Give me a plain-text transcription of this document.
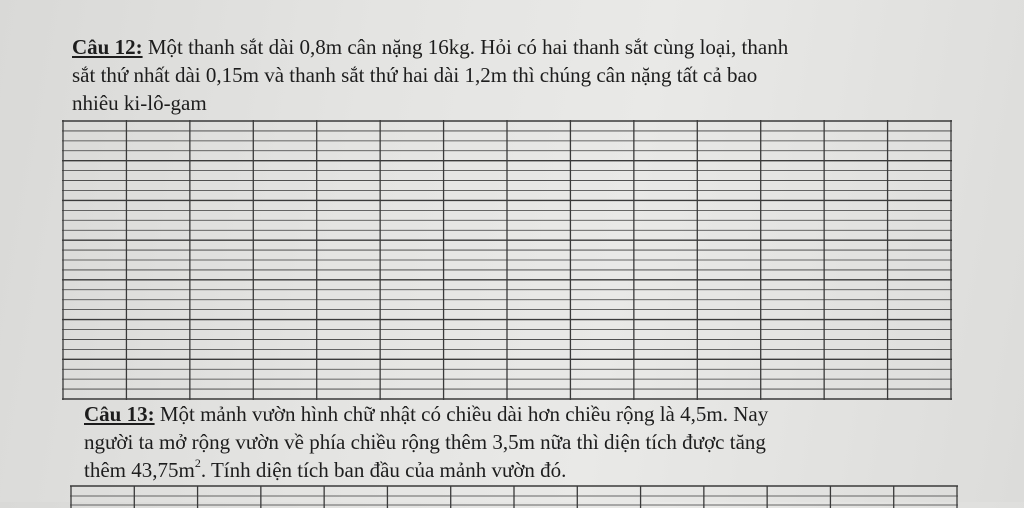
Câu 12: Một thanh sắt dài 0,8m cân nặng 16kg. Hỏi có hai thanh sắt cùng loại, thanh
sắt thứ nhất dài 0,15m và thanh sắt thứ hai dài 1,2m thì chúng cân nặng tất cả bao
nhiêu ki-lô-gam
Câu 13: Một mảnh vườn hình chữ nhật có chiều dài hơn chiều rộng là 4,5m. Nay
người ta mở rộng vườn về phía chiều rộng thêm 3,5m nữa thì diện tích được tăng
thêm $43,75m^2$. Tính diện tích ban đầu của mảnh vườn đó.
